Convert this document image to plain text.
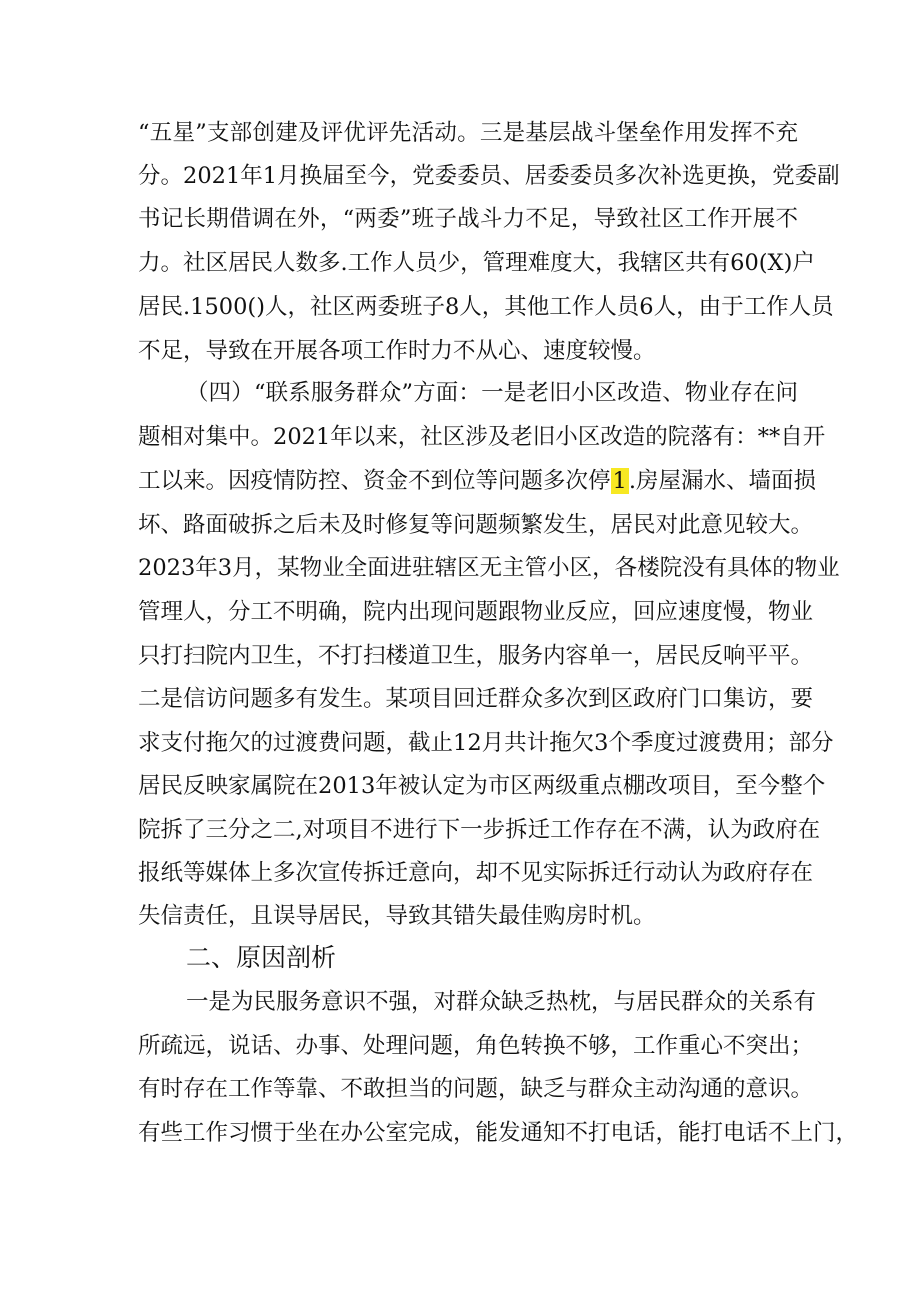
“五星”支部创建及评优评先活动。三是基层战斗堡垒作用发挥不充
分。2021年1月换届至今，党委委员、居委委员多次补选更换，党委副
书记长期借调在外，“两委”班子战斗力不足，导致社区工作开展不
力。社区居民人数多.工作人员少，管理难度大，我辖区共有60(X)户
居民.1500()人，社区两委班子8人，其他工作人员6人，由于工作人员
不足，导致在开展各项工作时力不从心、速度较慢。
（四）“联系服务群众”方面：一是老旧小区改造、物业存在问
题相对集中。2021年以来，社区涉及老旧小区改造的院落有：**自开
工以来。因疫情防控、资金不到位等问题多次停1.房屋漏水、墙面损
坏、路面破拆之后未及时修复等问题频繁发生，居民对此意见较大。
2023年3月，某物业全面进驻辖区无主管小区，各楼院没有具体的物业
管理人，分工不明确，院内出现问题跟物业反应，回应速度慢，物业
只打扫院内卫生，不打扫楼道卫生，服务内容单一，居民反响平平。
二是信访问题多有发生。某项目回迁群众多次到区政府门口集访，要
求支付拖欠的过渡费问题，截止12月共计拖欠3个季度过渡费用；部分
居民反映家属院在2013年被认定为市区两级重点棚改项目，至今整个
院拆了三分之二,对项目不进行下一步拆迁工作存在不满，认为政府在
报纸等媒体上多次宣传拆迁意向，却不见实际拆迁行动认为政府存在
失信责任，且误导居民，导致其错失最佳购房时机。
二、原因剖析
一是为民服务意识不强，对群众缺乏热枕，与居民群众的关系有
所疏远，说话、办事、处理问题，角色转换不够，工作重心不突出；
有时存在工作等靠、不敢担当的问题，缺乏与群众主动沟通的意识。
有些工作习惯于坐在办公室完成，能发通知不打电话，能打电话不上门，
